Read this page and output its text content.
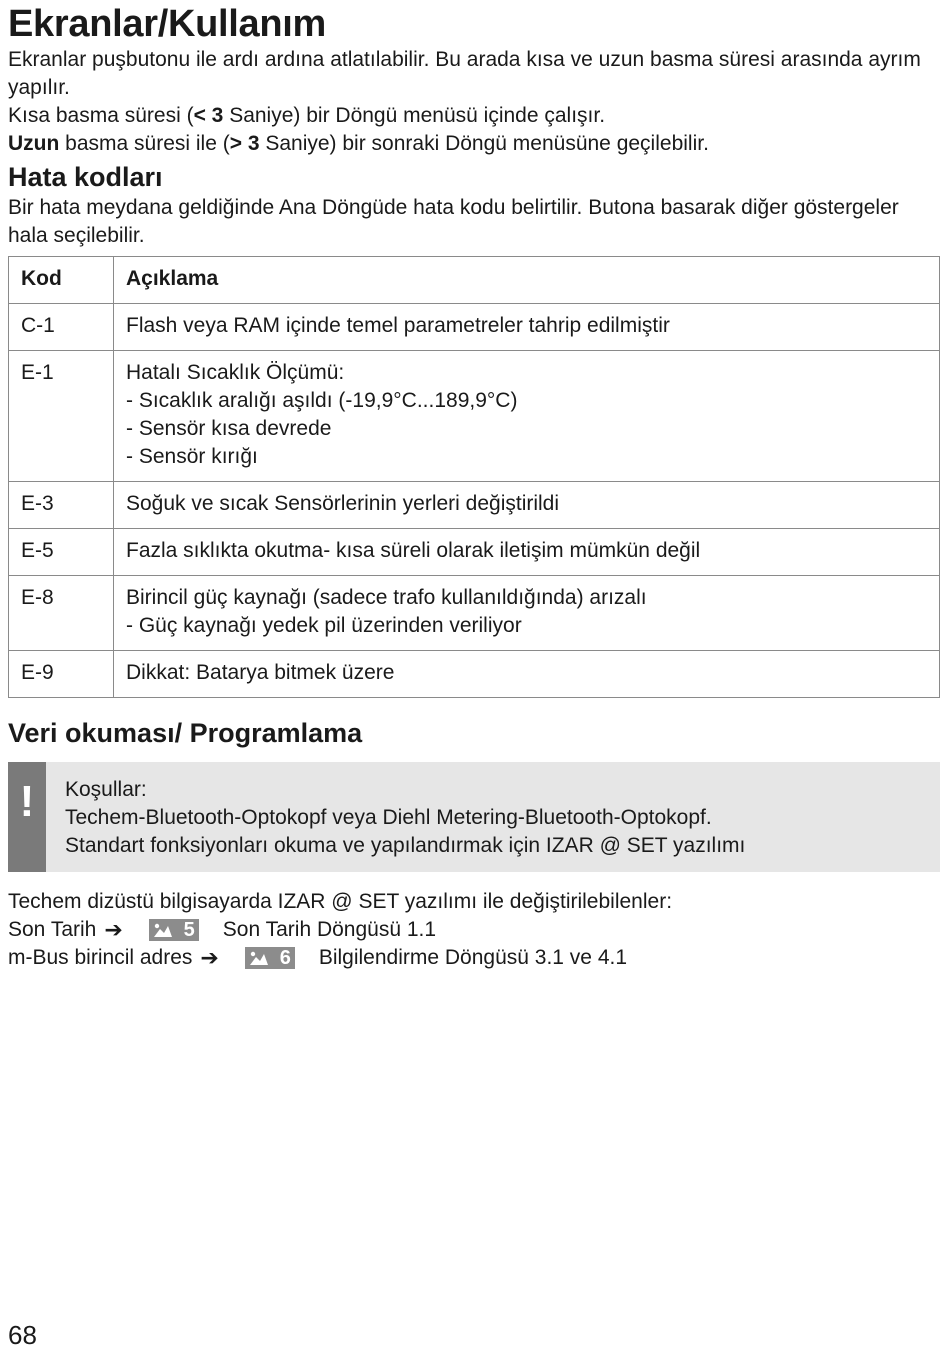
Ekranlar/Kullanım

Ekranlar puşbutonu ile ardı ardına atlatılabilir. Bu arada kısa ve uzun basma süresi arasında ayrım yapılır.

Kısa basma süresi (< 3 Saniye) bir Döngü menüsü içinde çalışır.

Uzun basma süresi ile (> 3 Saniye) bir sonraki Döngü menüsüne geçilebilir.

Hata kodları

Bir hata meydana geldiğinde Ana Döngüde hata kodu belirtilir. Butona basarak diğer göstergeler hala seçilebilir.

Kod	Açıklama
C-1	Flash veya RAM içinde temel parametreler tahrip edilmiştir

E-1	Hatalı Sıcaklık Ölçümü:
- Sıcaklık aralığı aşıldı (-19,9°C...189,9°C)
- Sensör kısa devrede
- Sensör kırığı

E-3	Soğuk ve sıcak Sensörlerinin yerleri değiştirildi

E-5	Fazla sıklıkta okutma- kısa süreli olarak iletişim mümkün değil

E-8	Birincil güç kaynağı (sadece trafo kullanıldığında) arızalı
- Güç kaynağı yedek pil üzerinden veriliyor

E-9	Dikkat: Batarya bitmek üzere
Veri okuması/ Programlama
!	Koşullar:
Techem-Bluetooth-Optokopf veya Diehl Metering-Bluetooth-Optokopf.
Standart fonksiyonları okuma ve yapılandırmak için IZAR @ SET yazılımı

Techem dizüstü bilgisayarda IZAR @ SET yazılımı ile değiştirilebilenler:

Son Tarih ➔	5 Son Tarih Döngüsü 1.1
m-Bus birincil adres ➔	6 Bilgilendirme Döngüsü 3.1 ve 4.1
68
